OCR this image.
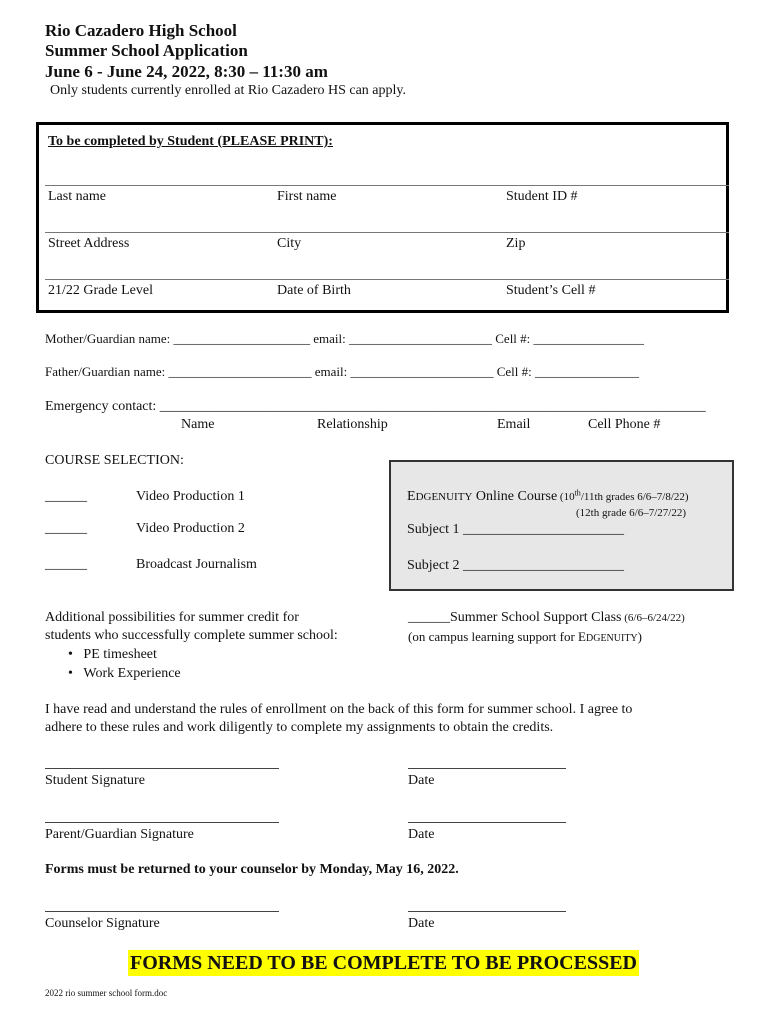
Rio Cazadero High School
Summer School Application
June 6 - June 24, 2022, 8:30 – 11:30 am
Only students currently enrolled at Rio Cazadero HS can apply.
To be completed by Student (PLEASE PRINT):
Last name	First name	Student ID #
Street Address	City	Zip
21/22 Grade Level	Date of Birth	Student’s Cell #
Mother/Guardian name: _____________________ email: ______________________ Cell #: _________________
Father/Guardian name: ______________________ email: ______________________ Cell #: ________________
Emergency contact: ______________________________________________________________________________
Name	Relationship	Email	Cell Phone #
COURSE SELECTION:
______	Video Production 1
______	Video Production 2
______	Broadcast Journalism
EDGENUITY Online Course (10th/11th grades 6/6–7/8/22)
(12th grade 6/6–7/27/22)
Subject 1 _______________________
Subject 2 _______________________
Additional possibilities for summer credit for
students who successfully complete summer school:
•   PE timesheet
•   Work Experience
______Summer School Support Class (6/6–6/24/22)
(on campus learning support for EDGENUITY)
I have read and understand the rules of enrollment on the back of this form for summer school. I agree to
adhere to these rules and work diligently to complete my assignments to obtain the credits.
Student Signature	Date
Parent/Guardian Signature	Date
Forms must be returned to your counselor by Monday, May 16, 2022.
Counselor Signature	Date
FORMS NEED TO BE COMPLETE TO BE PROCESSED
2022 rio summer school form.doc
